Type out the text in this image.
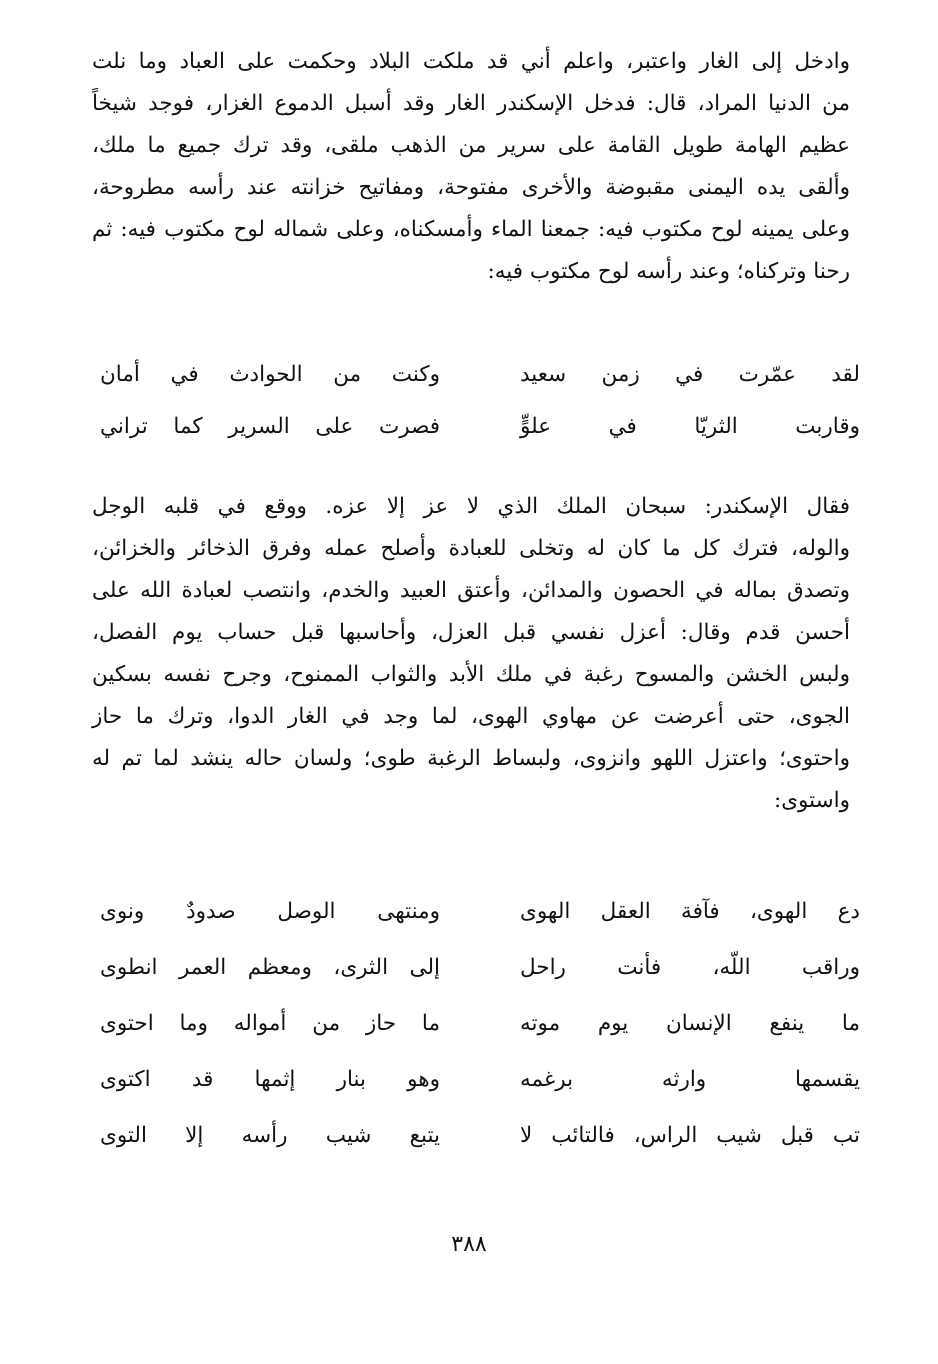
وادخل إلى الغار واعتبر، واعلم أني قد ملكت البلاد وحكمت على العباد وما نلت
من الدنيا المراد، قال: فدخل الإسكندر الغار وقد أسبل الدموع الغزار، فوجد شيخاً
عظيم الهامة طويل القامة على سرير من الذهب ملقى، وقد ترك جميع ما ملك،
وألقى يده اليمنى مقبوضة والأخرى مفتوحة، ومفاتيح خزانته عند رأسه مطروحة،
وعلى يمينه لوح مكتوب فيه: جمعنا الماء وأمسكناه، وعلى شماله لوح مكتوب فيه: ثم
رحنا وتركناه؛ وعند رأسه لوح مكتوب فيه:
لقد عمّرت في زمن سعيد
وكنت من الحوادث في أمان
وقاربت الثريّا في علوٍّ
فصرت على السرير كما تراني
فقال الإسكندر: سبحان الملك الذي لا عز إلا عزه. ووقع في قلبه الوجل
والوله، فترك كل ما كان له وتخلى للعبادة وأصلح عمله وفرق الذخائر والخزائن،
وتصدق بماله في الحصون والمدائن، وأعتق العبيد والخدم، وانتصب لعبادة الله على
أحسن قدم وقال: أعزل نفسي قبل العزل، وأحاسبها قبل حساب يوم الفصل،
ولبس الخشن والمسوح رغبة في ملك الأبد والثواب الممنوح، وجرح نفسه بسكين
الجوى، حتى أعرضت عن مهاوي الهوى، لما وجد في الغار الدوا، وترك ما حاز
واحتوى؛ واعتزل اللهو وانزوى، ولبساط الرغبة طوى؛ ولسان حاله ينشد لما تم له
واستوى:
دع الهوى، فآفة العقل الهوى
ومنتهى الوصل صدودٌ ونوى
وراقب اللّه، فأنت راحل
إلى الثرى، ومعظم العمر انطوى
ما ينفع الإنسان يوم موته
ما حاز من أمواله وما احتوى
يقسمها وارثه برغمه
وهو بنار إثمها قد اكتوى
تب قبل شيب الراس، فالتائب لا
يتبع شيب رأسه إلا التوى
٣٨٨
